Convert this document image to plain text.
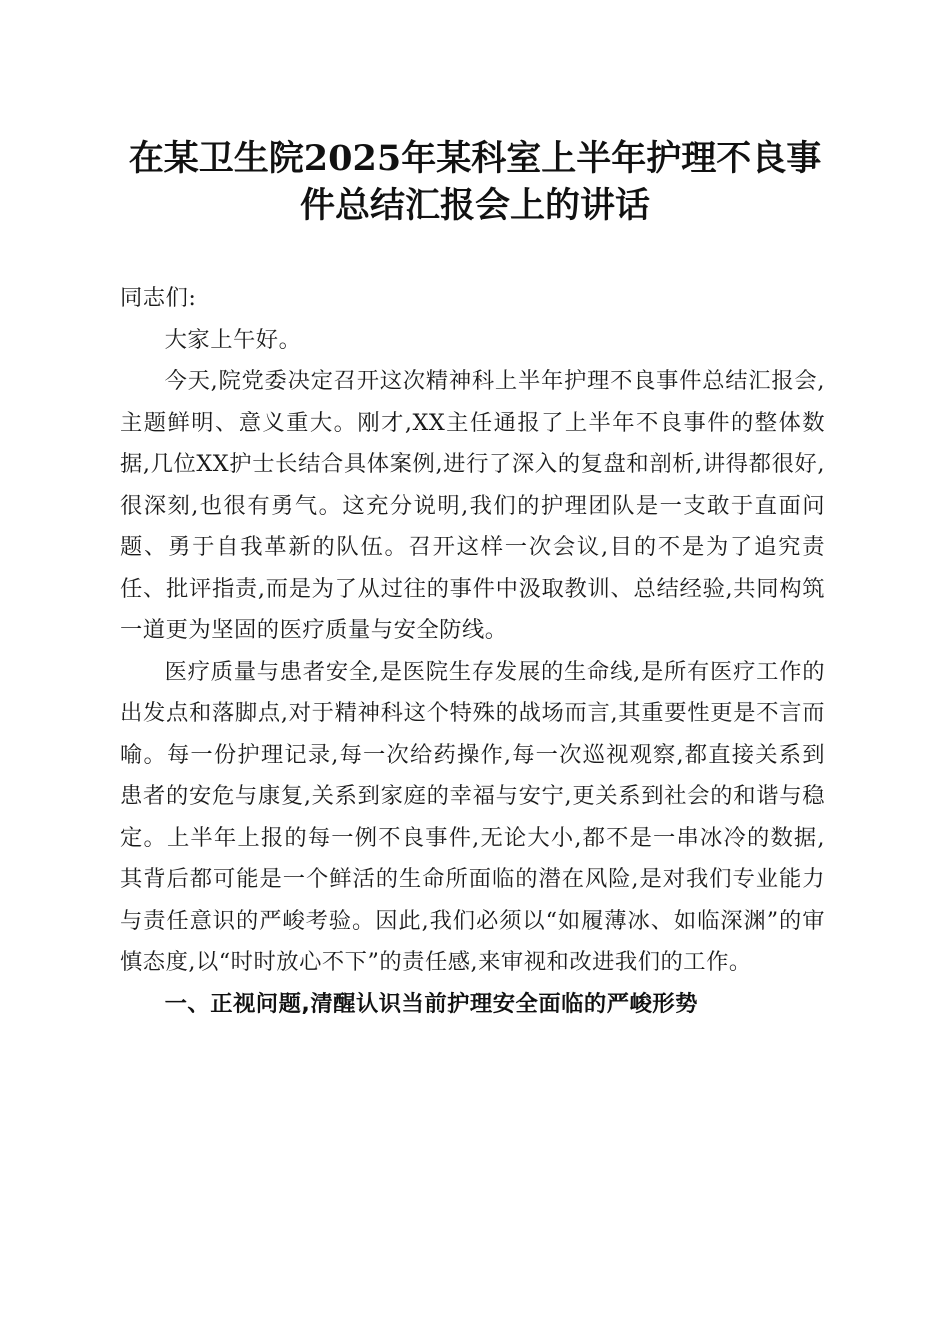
在某卫生院2025年某科室上半年护理不良事
件总结汇报会上的讲话

同志们:

大家上午好。

今天,院党委决定召开这次精神科上半年护理不良事件总结汇报会,主题鲜明、意义重大。刚才,XX主任通报了上半年不良事件的整体数据,几位XX护士长结合具体案例,进行了深入的复盘和剖析,讲得都很好,很深刻,也很有勇气。这充分说明,我们的护理团队是一支敢于直面问题、勇于自我革新的队伍。召开这样一次会议,目的不是为了追究责任、批评指责,而是为了从过往的事件中汲取教训、总结经验,共同构筑一道更为坚固的医疗质量与安全防线。

医疗质量与患者安全,是医院生存发展的生命线,是所有医疗工作的出发点和落脚点,对于精神科这个特殊的战场而言,其重要性更是不言而喻。每一份护理记录,每一次给药操作,每一次巡视观察,都直接关系到患者的安危与康复,关系到家庭的幸福与安宁,更关系到社会的和谐与稳定。上半年上报的每一例不良事件,无论大小,都不是一串冰冷的数据,其背后都可能是一个鲜活的生命所面临的潜在风险,是对我们专业能力与责任意识的严峻考验。因此,我们必须以“如履薄冰、如临深渊”的审慎态度,以“时时放心不下”的责任感,来审视和改进我们的工作。

一、正视问题,清醒认识当前护理安全面临的严峻形势
